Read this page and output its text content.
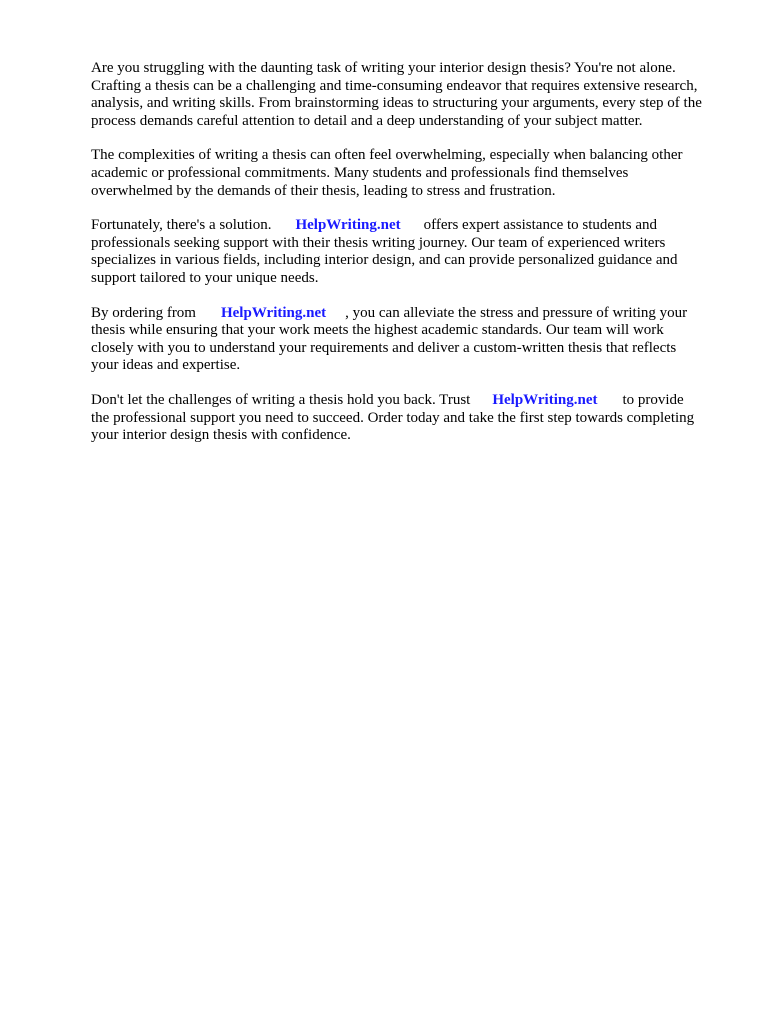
Are you struggling with the daunting task of writing your interior design thesis? You're not alone.
Crafting a thesis can be a challenging and time-consuming endeavor that requires extensive research,
analysis, and writing skills. From brainstorming ideas to structuring your arguments, every step of the
process demands careful attention to detail and a deep understanding of your subject matter.

The complexities of writing a thesis can often feel overwhelming, especially when balancing other
academic or professional commitments. Many students and professionals find themselves
overwhelmed by the demands of their thesis, leading to stress and frustration.

Fortunately, there's a solution. HelpWriting.net offers expert assistance to students and
professionals seeking support with their thesis writing journey. Our team of experienced writers
specializes in various fields, including interior design, and can provide personalized guidance and
support tailored to your unique needs.

By ordering from HelpWriting.net , you can alleviate the stress and pressure of writing your
thesis while ensuring that your work meets the highest academic standards. Our team will work
closely with you to understand your requirements and deliver a custom-written thesis that reflects
your ideas and expertise.

Don't let the challenges of writing a thesis hold you back. Trust HelpWriting.net to provide
the professional support you need to succeed. Order today and take the first step towards completing
your interior design thesis with confidence.
